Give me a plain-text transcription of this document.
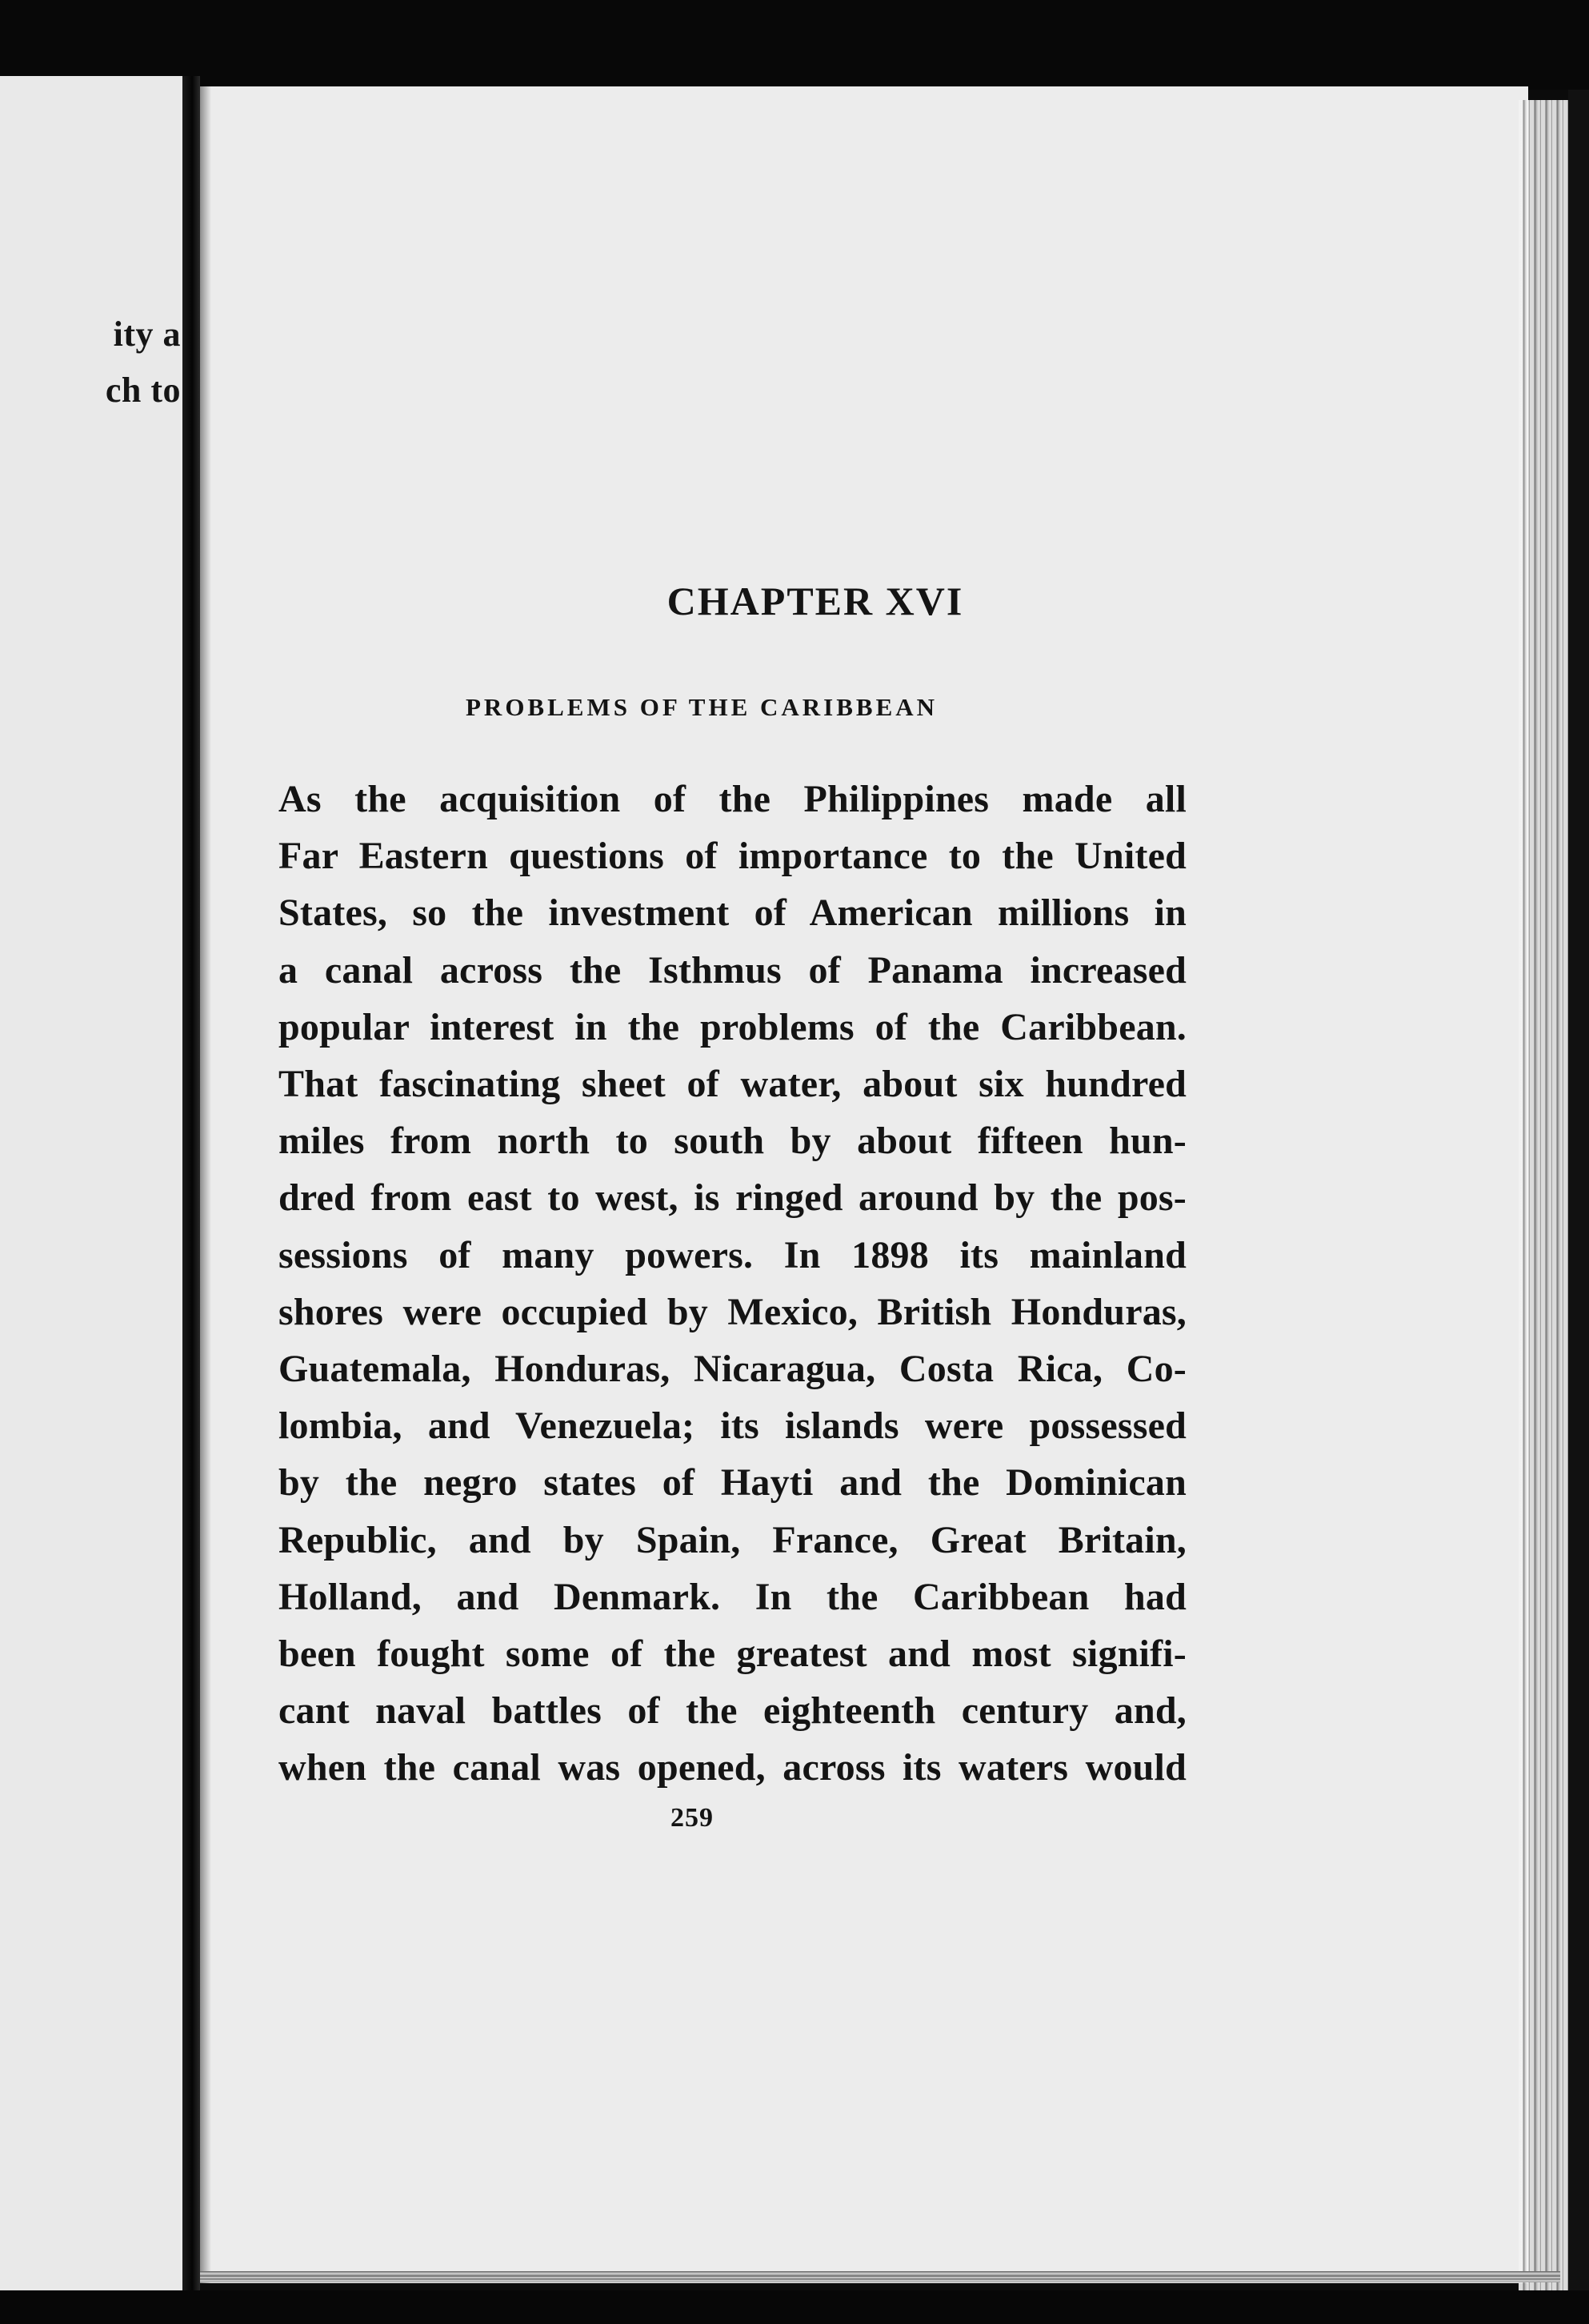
ity a
ch to
CHAPTER XVI
PROBLEMS OF THE CARIBBEAN
As the acquisition of the Philippines made all
Far Eastern questions of importance to the United
States, so the investment of American millions in
a canal across the Isthmus of Panama increased
popular interest in the problems of the Caribbean.
That fascinating sheet of water, about six hundred
miles from north to south by about fifteen hun-
dred from east to west, is ringed around by the pos-
sessions of many powers. In 1898 its mainland
shores were occupied by Mexico, British Honduras,
Guatemala, Honduras, Nicaragua, Costa Rica, Co-
lombia, and Venezuela; its islands were possessed
by the negro states of Hayti and the Dominican
Republic, and by Spain, France, Great Britain,
Holland, and Denmark. In the Caribbean had
been fought some of the greatest and most signifi-
cant naval battles of the eighteenth century and,
when the canal was opened, across its waters would
259
